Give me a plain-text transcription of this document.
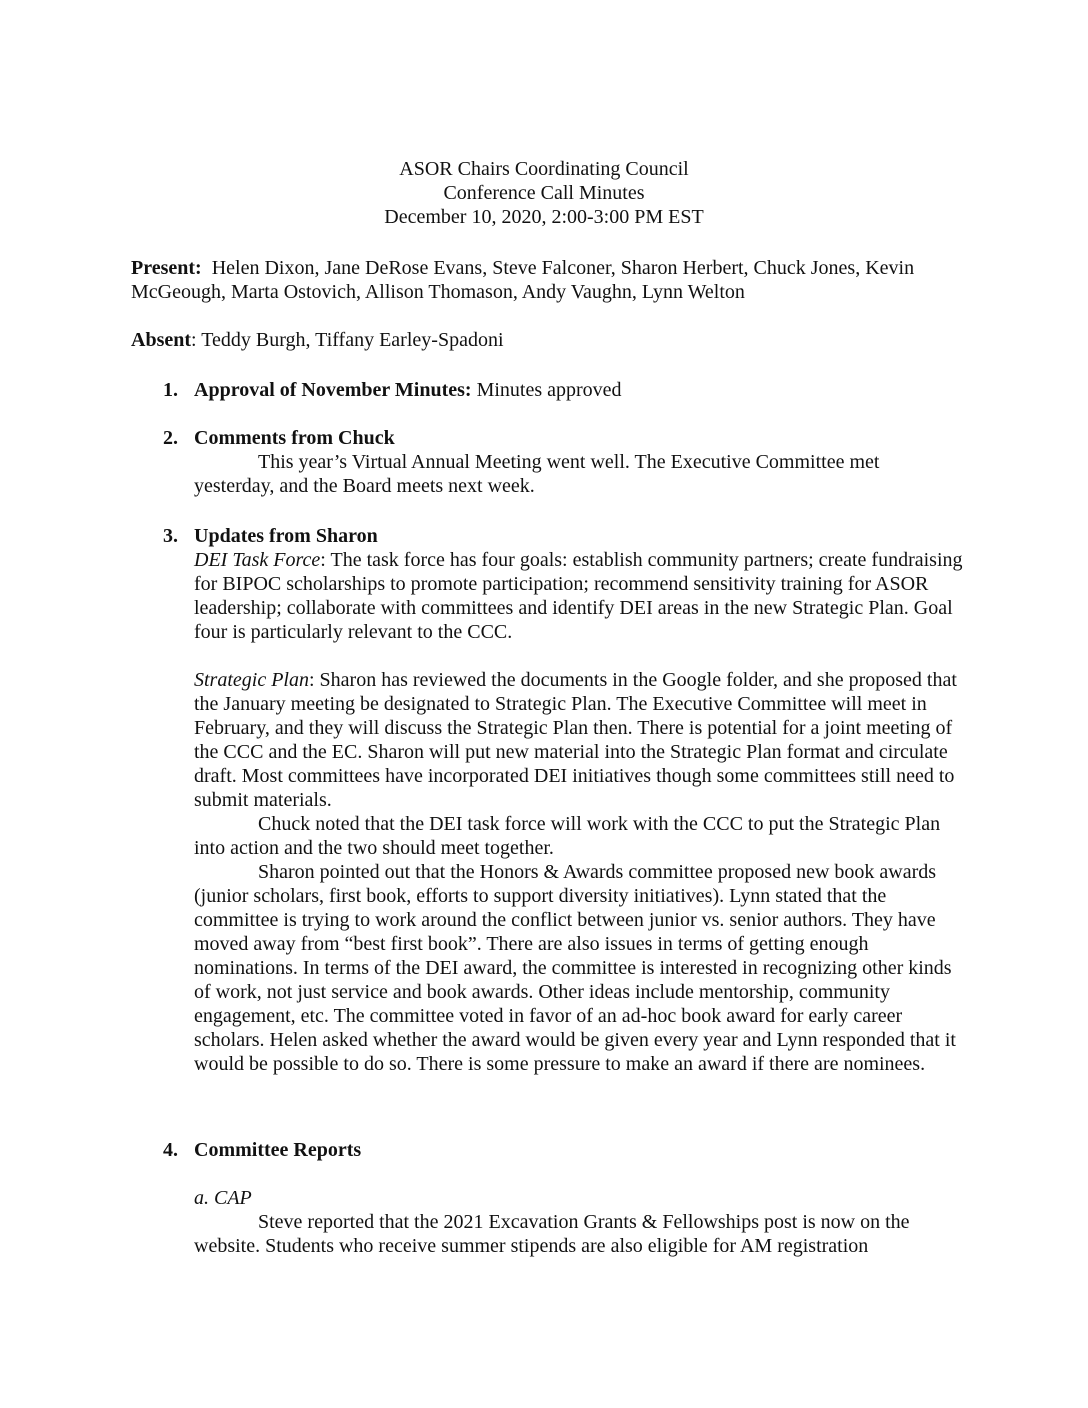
ASOR Chairs Coordinating Council
Conference Call Minutes
December 10, 2020, 2:00-3:00 PM EST

Present: Helen Dixon, Jane DeRose Evans, Steve Falconer, Sharon Herbert, Chuck Jones, Kevin McGeough, Marta Ostovich, Allison Thomason, Andy Vaughn, Lynn Welton

Absent: Teddy Burgh, Tiffany Earley-Spadoni

1. Approval of November Minutes: Minutes approved

2. Comments from Chuck

This year’s Virtual Annual Meeting went well. The Executive Committee met yesterday, and the Board meets next week.

3. Updates from Sharon

DEI Task Force: The task force has four goals: establish community partners; create fundraising for BIPOC scholarships to promote participation; recommend sensitivity training for ASOR leadership; collaborate with committees and identify DEI areas in the new Strategic Plan. Goal four is particularly relevant to the CCC.

Strategic Plan: Sharon has reviewed the documents in the Google folder, and she proposed that the January meeting be designated to Strategic Plan. The Executive Committee will meet in February, and they will discuss the Strategic Plan then. There is potential for a joint meeting of the CCC and the EC. Sharon will put new material into the Strategic Plan format and circulate draft. Most committees have incorporated DEI initiatives though some committees still need to submit materials.

Chuck noted that the DEI task force will work with the CCC to put the Strategic Plan into action and the two should meet together.

Sharon pointed out that the Honors & Awards committee proposed new book awards (junior scholars, first book, efforts to support diversity initiatives). Lynn stated that the committee is trying to work around the conflict between junior vs. senior authors. They have moved away from “best first book”. There are also issues in terms of getting enough nominations. In terms of the DEI award, the committee is interested in recognizing other kinds of work, not just service and book awards. Other ideas include mentorship, community engagement, etc. The committee voted in favor of an ad-hoc book award for early career scholars. Helen asked whether the award would be given every year and Lynn responded that it would be possible to do so. There is some pressure to make an award if there are nominees.

4. Committee Reports

a. CAP

Steve reported that the 2021 Excavation Grants & Fellowships post is now on the website. Students who receive summer stipends are also eligible for AM registration
